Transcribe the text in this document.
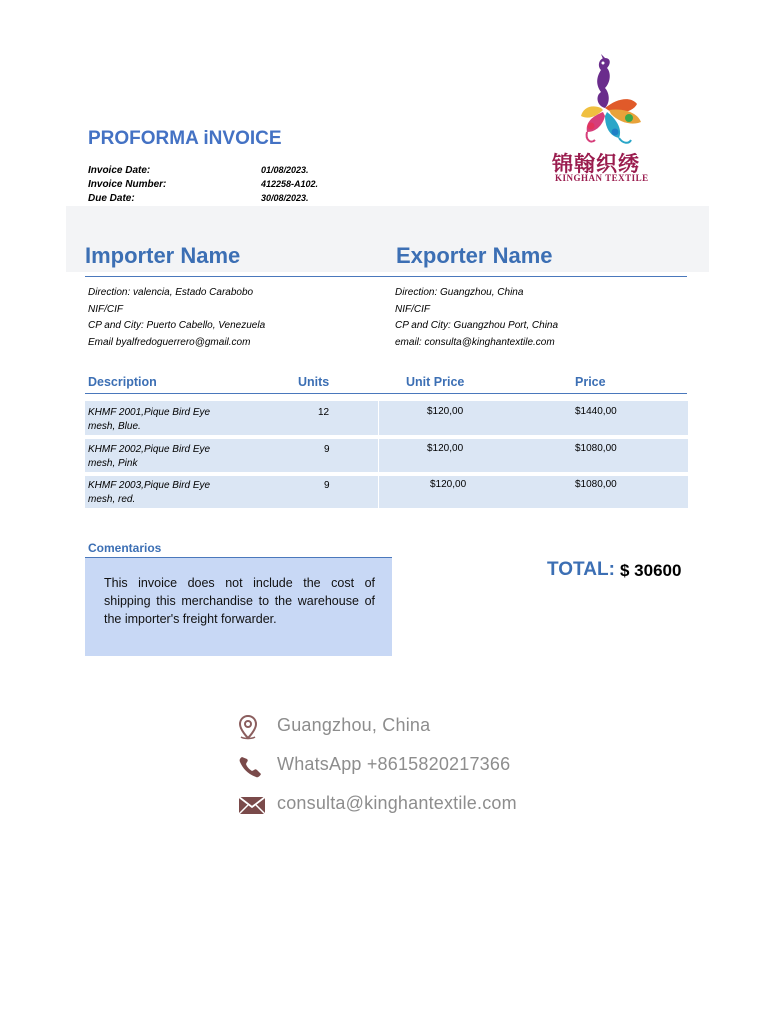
PROFORMA iNVOICE
Invoice Date:	01/08/2023.
Invoice Number:	412258-A102.
Due Date:	30/08/2023.
锦翰织绣
KINGHAN TEXTILE
Importer Name	Exporter Name
Direction: valencia, Estado Carabobo
NIF/CIF
CP and City: Puerto Cabello, Venezuela
Email byalfredoguerrero@gmail.com
Direction: Guangzhou, China
NIF/CIF
CP and City: Guangzhou Port, China
email: consulta@kinghantextile.com
Description	Units	Unit Price	Price
KHMF 2001,Pique Bird Eye
mesh, Blue.
12	$120,00	$1440,00
KHMF 2002,Pique Bird Eye
mesh, Pink
9	$120,00	$1080,00
KHMF 2003,Pique Bird Eye
mesh, red.
9	$120,00	$1080,00
Comentarios
This invoice does not include the cost of shipping this merchandise to the warehouse of the importer's freight forwarder.
TOTAL: $ 30600
Guangzhou, China
WhatsApp +8615820217366
consulta@kinghantextile.com
